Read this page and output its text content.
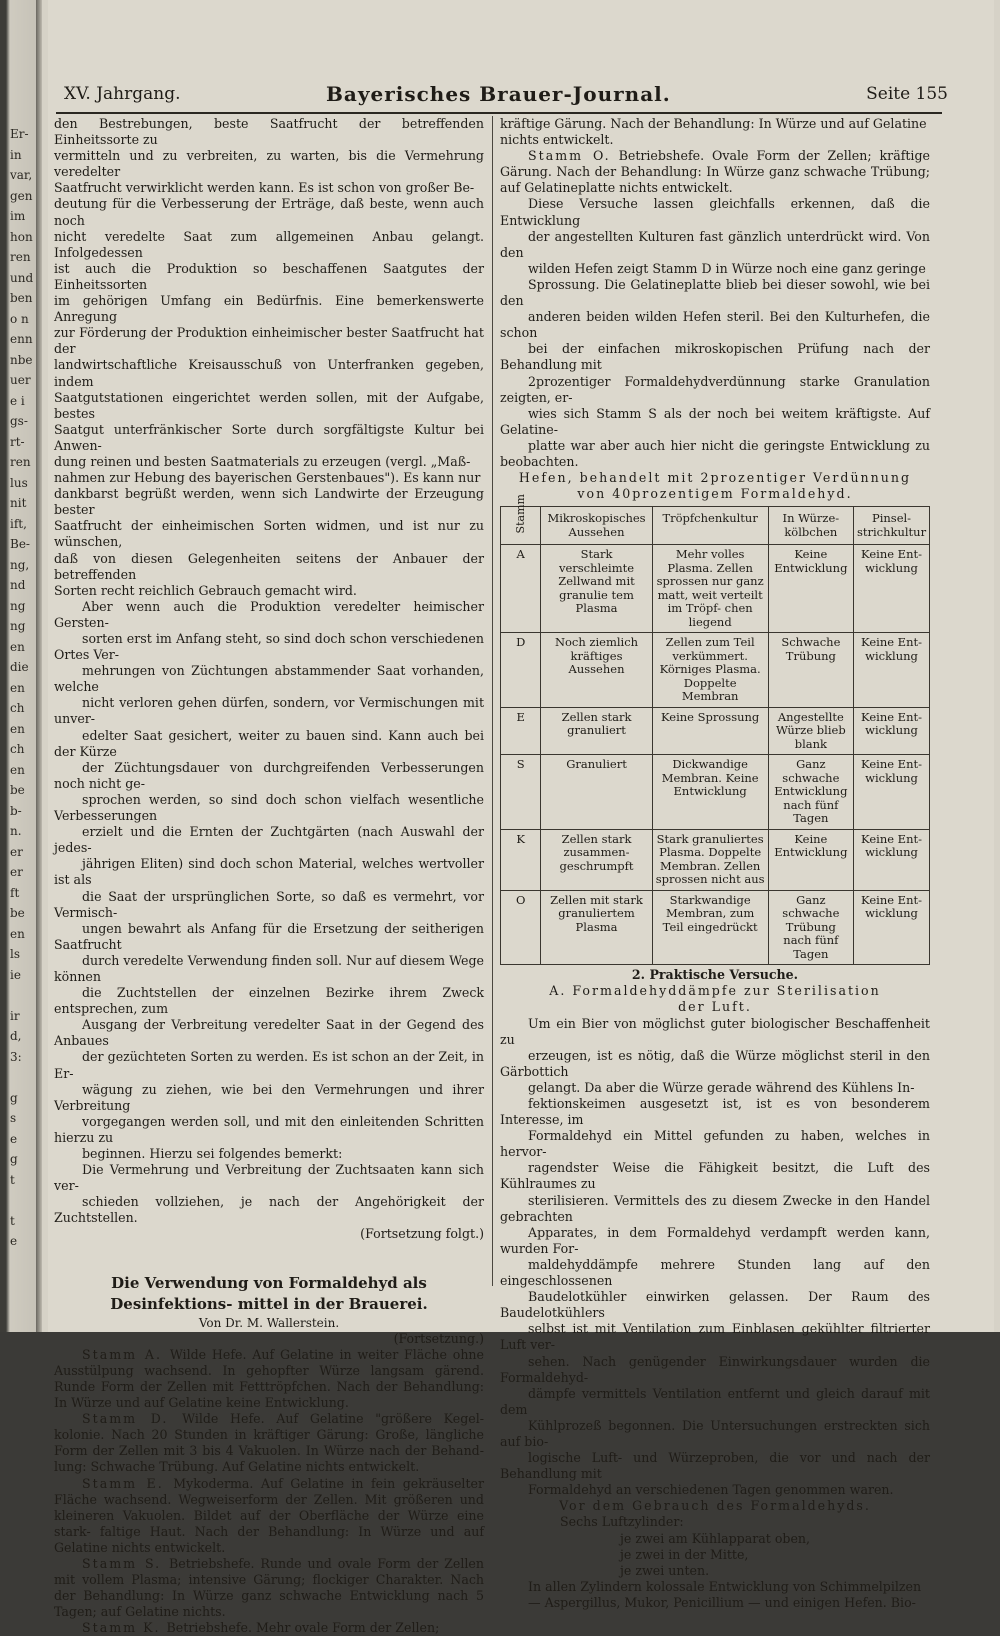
Er-
in
var,
gen
im
hon
ren
und
ben
o n
enn
nbe
uer
e i
gs-
rt-
ren
lus
nit
ift,
Be-
ng,
nd
ng
ng
en
die
en
ch
en
ch
en
be
b-
n.
er
er
ft
be
en
ls
ie
ir
d,
3:
g
s
e
g
t
t
e
XV. Jahrgang.	Bayerisches Brauer-Journal.	Seite 155
den Bestrebungen, beste Saatfrucht der betreffenden Einheitssorte zu
vermitteln und zu verbreiten, zu warten, bis die Vermehrung veredelter
Saatfrucht verwirklicht werden kann. Es ist schon von großer Be-
deutung für die Verbesserung der Erträge, daß beste, wenn auch noch
nicht veredelte Saat zum allgemeinen Anbau gelangt. Infolgedessen
ist auch die Produktion so beschaffenen Saatgutes der Einheitssorten
im gehörigen Umfang ein Bedürfnis. Eine bemerkenswerte Anregung
zur Förderung der Produktion einheimischer bester Saatfrucht hat der
landwirtschaftliche Kreisausschuß von Unterfranken gegeben, indem
Saatgutstationen eingerichtet werden sollen, mit der Aufgabe, bestes
Saatgut unterfränkischer Sorte durch sorgfältigste Kultur bei Anwen-
dung reinen und besten Saatmaterials zu erzeugen (vergl. „Maß-
nahmen zur Hebung des bayerischen Gerstenbaues"). Es kann nur
dankbarst begrüßt werden, wenn sich Landwirte der Erzeugung bester
Saatfrucht der einheimischen Sorten widmen, und ist nur zu wünschen,
daß von diesen Gelegenheiten seitens der Anbauer der betreffenden
Sorten recht reichlich Gebrauch gemacht wird.
Aber wenn auch die Produktion veredelter heimischer Gersten-
sorten erst im Anfang steht, so sind doch schon verschiedenen Ortes Ver-
mehrungen von Züchtungen abstammender Saat vorhanden, welche
nicht verloren gehen dürfen, sondern, vor Vermischungen mit unver-
edelter Saat gesichert, weiter zu bauen sind. Kann auch bei der Kürze
der Züchtungsdauer von durchgreifenden Verbesserungen noch nicht ge-
sprochen werden, so sind doch schon vielfach wesentliche Verbesserungen
erzielt und die Ernten der Zuchtgärten (nach Auswahl der jedes-
jährigen Eliten) sind doch schon Material, welches wertvoller ist als
die Saat der ursprünglichen Sorte, so daß es vermehrt, vor Vermisch-
ungen bewahrt als Anfang für die Ersetzung der seitherigen Saatfrucht
durch veredelte Verwendung finden soll. Nur auf diesem Wege können
die Zuchtstellen der einzelnen Bezirke ihrem Zweck entsprechen, zum
Ausgang der Verbreitung veredelter Saat in der Gegend des Anbaues
der gezüchteten Sorten zu werden. Es ist schon an der Zeit, in Er-
wägung zu ziehen, wie bei den Vermehrungen und ihrer Verbreitung
vorgegangen werden soll, und mit den einleitenden Schritten hierzu zu
beginnen. Hierzu sei folgendes bemerkt:
Die Vermehrung und Verbreitung der Zuchtsaaten kann sich ver-
schieden vollziehen, je nach der Angehörigkeit der Zuchtstellen.

(Fortsetzung folgt.)

Die Verwendung von Formaldehyd als Desinfektions- mittel in der Brauerei.

Von Dr. M. Wallerstein.

(Fortsetzung.)

Stamm A. Wilde Hefe. Auf Gelatine in weiter Fläche ohne Ausstülpung wachsend. In gehopfter Würze langsam gärend. Runde Form der Zellen mit Fetttröpfchen. Nach der Behandlung: In Würze und auf Gelatine keine Entwicklung.

Stamm D. Wilde Hefe. Auf Gelatine "größere Kegel- kolonie. Nach 20 Stunden in kräftiger Gärung: Große, längliche Form der Zellen mit 3 bis 4 Vakuolen. In Würze nach der Behand- lung: Schwache Trübung. Auf Gelatine nichts entwickelt.

Stamm E. Mykoderma. Auf Gelatine in fein gekräuselter Fläche wachsend. Wegweiserform der Zellen. Mit größeren und kleineren Vakuolen. Bildet auf der Oberfläche der Würze eine stark- faltige Haut. Nach der Behandlung: In Würze und auf Gelatine nichts entwickelt.

Stamm S. Betriebshefe. Runde und ovale Form der Zellen mit vollem Plasma; intensive Gärung; flockiger Charakter. Nach der Behandlung: In Würze ganz schwache Entwicklung nach 5 Tagen; auf Gelatine nichts.

Stamm K. Betriebshefe. Mehr ovale Form der Zellen;

kräftige Gärung. Nach der Behandlung: In Würze und auf Gelatine
nichts entwickelt.

Stamm O. Betriebshefe. Ovale Form der Zellen; kräftige Gärung. Nach der Behandlung: In Würze ganz schwache Trübung; auf Gelatineplatte nichts entwickelt.

Diese Versuche lassen gleichfalls erkennen, daß die Entwicklung
der angestellten Kulturen fast gänzlich unterdrückt wird. Von den
wilden Hefen zeigt Stamm D in Würze noch eine ganz geringe
Sprossung. Die Gelatineplatte blieb bei dieser sowohl, wie bei den
anderen beiden wilden Hefen steril. Bei den Kulturhefen, die schon
bei der einfachen mikroskopischen Prüfung nach der Behandlung mit
2prozentiger Formaldehydverdünnung starke Granulation zeigten, er-
wies sich Stamm S als der noch bei weitem kräftigste. Auf Gelatine-
platte war aber auch hier nicht die geringste Entwicklung zu beobachten.
Hefen, behandelt mit 2prozentiger Verdünnung
von 40prozentigem Formaldehyd.
Stamm	Mikroskopisches Aussehen	Tröpfchenkultur	In Würze- kölbchen	Pinsel- strichkultur
A	Stark verschleimte Zellwand mit granulie tem Plasma	Mehr volles Plasma. Zellen sprossen nur ganz matt, weit verteilt im Tröpf- chen liegend	Keine Entwicklung	Keine Ent- wicklung
D	Noch ziemlich kräftiges Aussehen	Zellen zum Teil verkümmert. Körniges Plasma. Doppelte Membran	Schwache Trübung	Keine Ent- wicklung
E	Zellen stark granuliert	Keine Sprossung	Angestellte Würze blieb blank	Keine Ent- wicklung
S	Granuliert	Dickwandige Membran. Keine Entwicklung	Ganz schwache Entwicklung nach fünf Tagen	Keine Ent- wicklung
K	Zellen stark zusammen- geschrumpft	Stark granuliertes Plasma. Doppelte Membran. Zellen sprossen nicht aus	Keine Entwicklung	Keine Ent- wicklung
O	Zellen mit stark granuliertem Plasma	Starkwandige Membran, zum Teil eingedrückt	Ganz schwache Trübung nach fünf Tagen	Keine Ent- wicklung

2. Praktische Versuche.

A. Formaldehyddämpfe zur Sterilisation
der Luft.
Um ein Bier von möglichst guter biologischer Beschaffenheit zu
erzeugen, ist es nötig, daß die Würze möglichst steril in den Gärbottich
gelangt. Da aber die Würze gerade während des Kühlens In-
fektionskeimen ausgesetzt ist, ist es von besonderem Interesse, im
Formaldehyd ein Mittel gefunden zu haben, welches in hervor-
ragendster Weise die Fähigkeit besitzt, die Luft des Kühlraumes zu
sterilisieren. Vermittels des zu diesem Zwecke in den Handel gebrachten
Apparates, in dem Formaldehyd verdampft werden kann, wurden For-
maldehyddämpfe mehrere Stunden lang auf den eingeschlossenen
Baudelotkühler einwirken gelassen. Der Raum des Baudelotkühlers
selbst ist mit Ventilation zum Einblasen gekühlter filtrierter Luft ver-
sehen. Nach genügender Einwirkungsdauer wurden die Formaldehyd-
dämpfe vermittels Ventilation entfernt und gleich darauf mit dem
Kühlprozeß begonnen. Die Untersuchungen erstreckten sich auf bio-
logische Luft- und Würzeproben, die vor und nach der Behandlung mit
Formaldehyd an verschiedenen Tagen genommen waren.

Vor dem Gebrauch des Formaldehyds.

Sechs Luftzylinder:

je zwei am Kühlapparat oben,
je zwei in der Mitte,
je zwei unten.
In allen Zylindern kolossale Entwicklung von Schimmelpilzen
— Aspergillus, Mukor, Penicillium — und einigen Hefen. Bio-
